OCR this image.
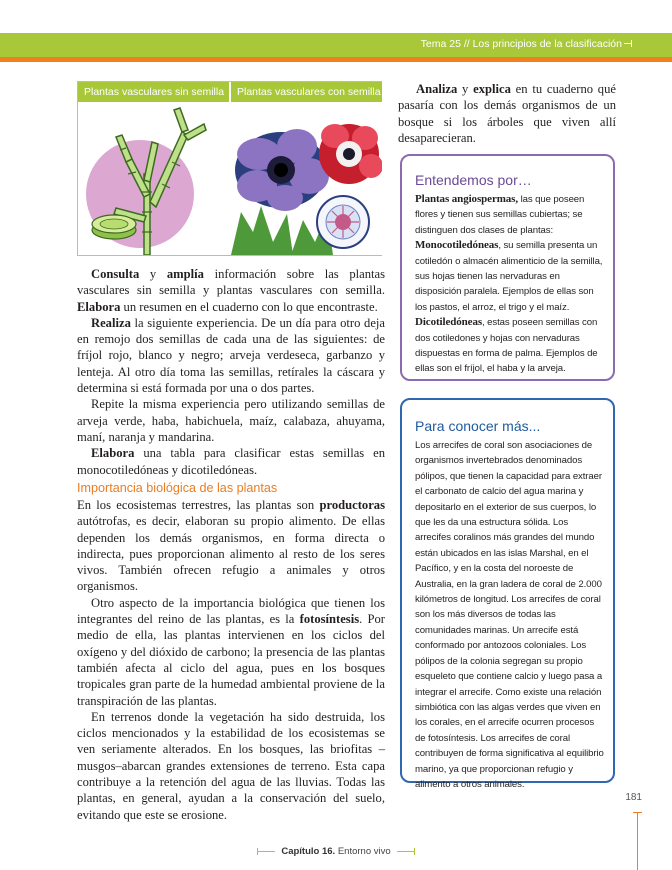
Tema 25 // Los principios de la clasificación
Plantas vasculares sin semilla	Plantas vasculares con semilla

Consulta y amplía información sobre las plantas vasculares sin semilla y plantas vasculares con semilla. Elabora un resumen en el cuaderno con lo que encontraste.

Realiza la siguiente experiencia. De un día para otro deja en remojo dos semillas de cada una de las siguientes: de fríjol rojo, blanco y negro; arveja verdeseca, garbanzo y lenteja. Al otro día toma las semillas, retírales la cáscara y determina si está formada por una o dos partes.

Repite la misma experiencia pero utilizando semillas de arveja verde, haba, habichuela, maíz, calabaza, ahuyama, maní, naranja y mandarina.

Elabora una tabla para clasificar estas semillas en monocotiledóneas y dicotiledóneas.

Importancia biológica de las plantas

En los ecosistemas terrestres, las plantas son productoras autótrofas, es decir, elaboran su propio alimento. De ellas dependen los demás organismos, en forma directa o indirecta, pues proporcionan alimento al resto de los seres vivos. También ofrecen refugio a animales y otros organismos.

Otro aspecto de la importancia biológica que tienen los integrantes del reino de las plantas, es la fotosíntesis. Por medio de ella, las plantas intervienen en los ciclos del oxígeno y del dióxido de carbono; la presencia de las plantas también afecta al ciclo del agua, pues en los bosques tropicales gran parte de la humedad ambiental proviene de la transpiración de las plantas.

En terrenos donde la vegetación ha sido destruida, los ciclos mencionados y la estabilidad de los ecosistemas se ven seriamente alterados. En los bosques, las briofitas –musgos–abarcan grandes extensiones de terreno. Esta capa contribuye a la retención del agua de las lluvias. Todas las plantas, en general, ayudan a la conservación del suelo, evitando que este se erosione.

Analiza y explica en tu cuaderno qué pasaría con los demás organismos de un bosque si los árboles que viven allí desaparecieran.

Entendemos por…
Plantas angiospermas, las que poseen flores y tienen sus semillas cubiertas; se distinguen dos clases de plantas: Monocotiledóneas, su semilla presenta un cotiledón o almacén alimenticio de la semilla, sus hojas tienen las nervaduras en disposición paralela. Ejemplos de ellas son los pastos, el arroz, el trigo y el maíz. Dicotiledóneas, estas poseen semillas con dos cotiledones y hojas con nervaduras dispuestas en forma de palma. Ejemplos de ellas son el fríjol, el haba y la arveja.
Para conocer más...
Los arrecifes de coral son asociaciones de organismos invertebrados denominados pólipos, que tienen la capacidad para extraer el carbonato de calcio del agua marina y depositarlo en el exterior de sus cuerpos, lo que les da una estructura sólida. Los arrecifes coralinos más grandes del mundo están ubicados en las islas Marshal, en el Pacífico, y en la costa del noroeste de Australia, en la gran ladera de coral de 2.000 kilómetros de longitud. Los arrecifes de coral son los más diversos de todas las comunidades marinas. Un arrecife está conformado por antozoos coloniales. Los pólipos de la colonia segregan su propio esqueleto que contiene calcio y luego pasa a integrar el arrecife. Como existe una relación simbiótica con las algas verdes que viven en los corales, en el arrecife ocurren procesos de fotosíntesis. Los arrecifes de coral contribuyen de forma significativa al equilibrio marino, ya que proporcionan refugio y alimento a otros animales.
181
Capítulo 16. Entorno vivo
